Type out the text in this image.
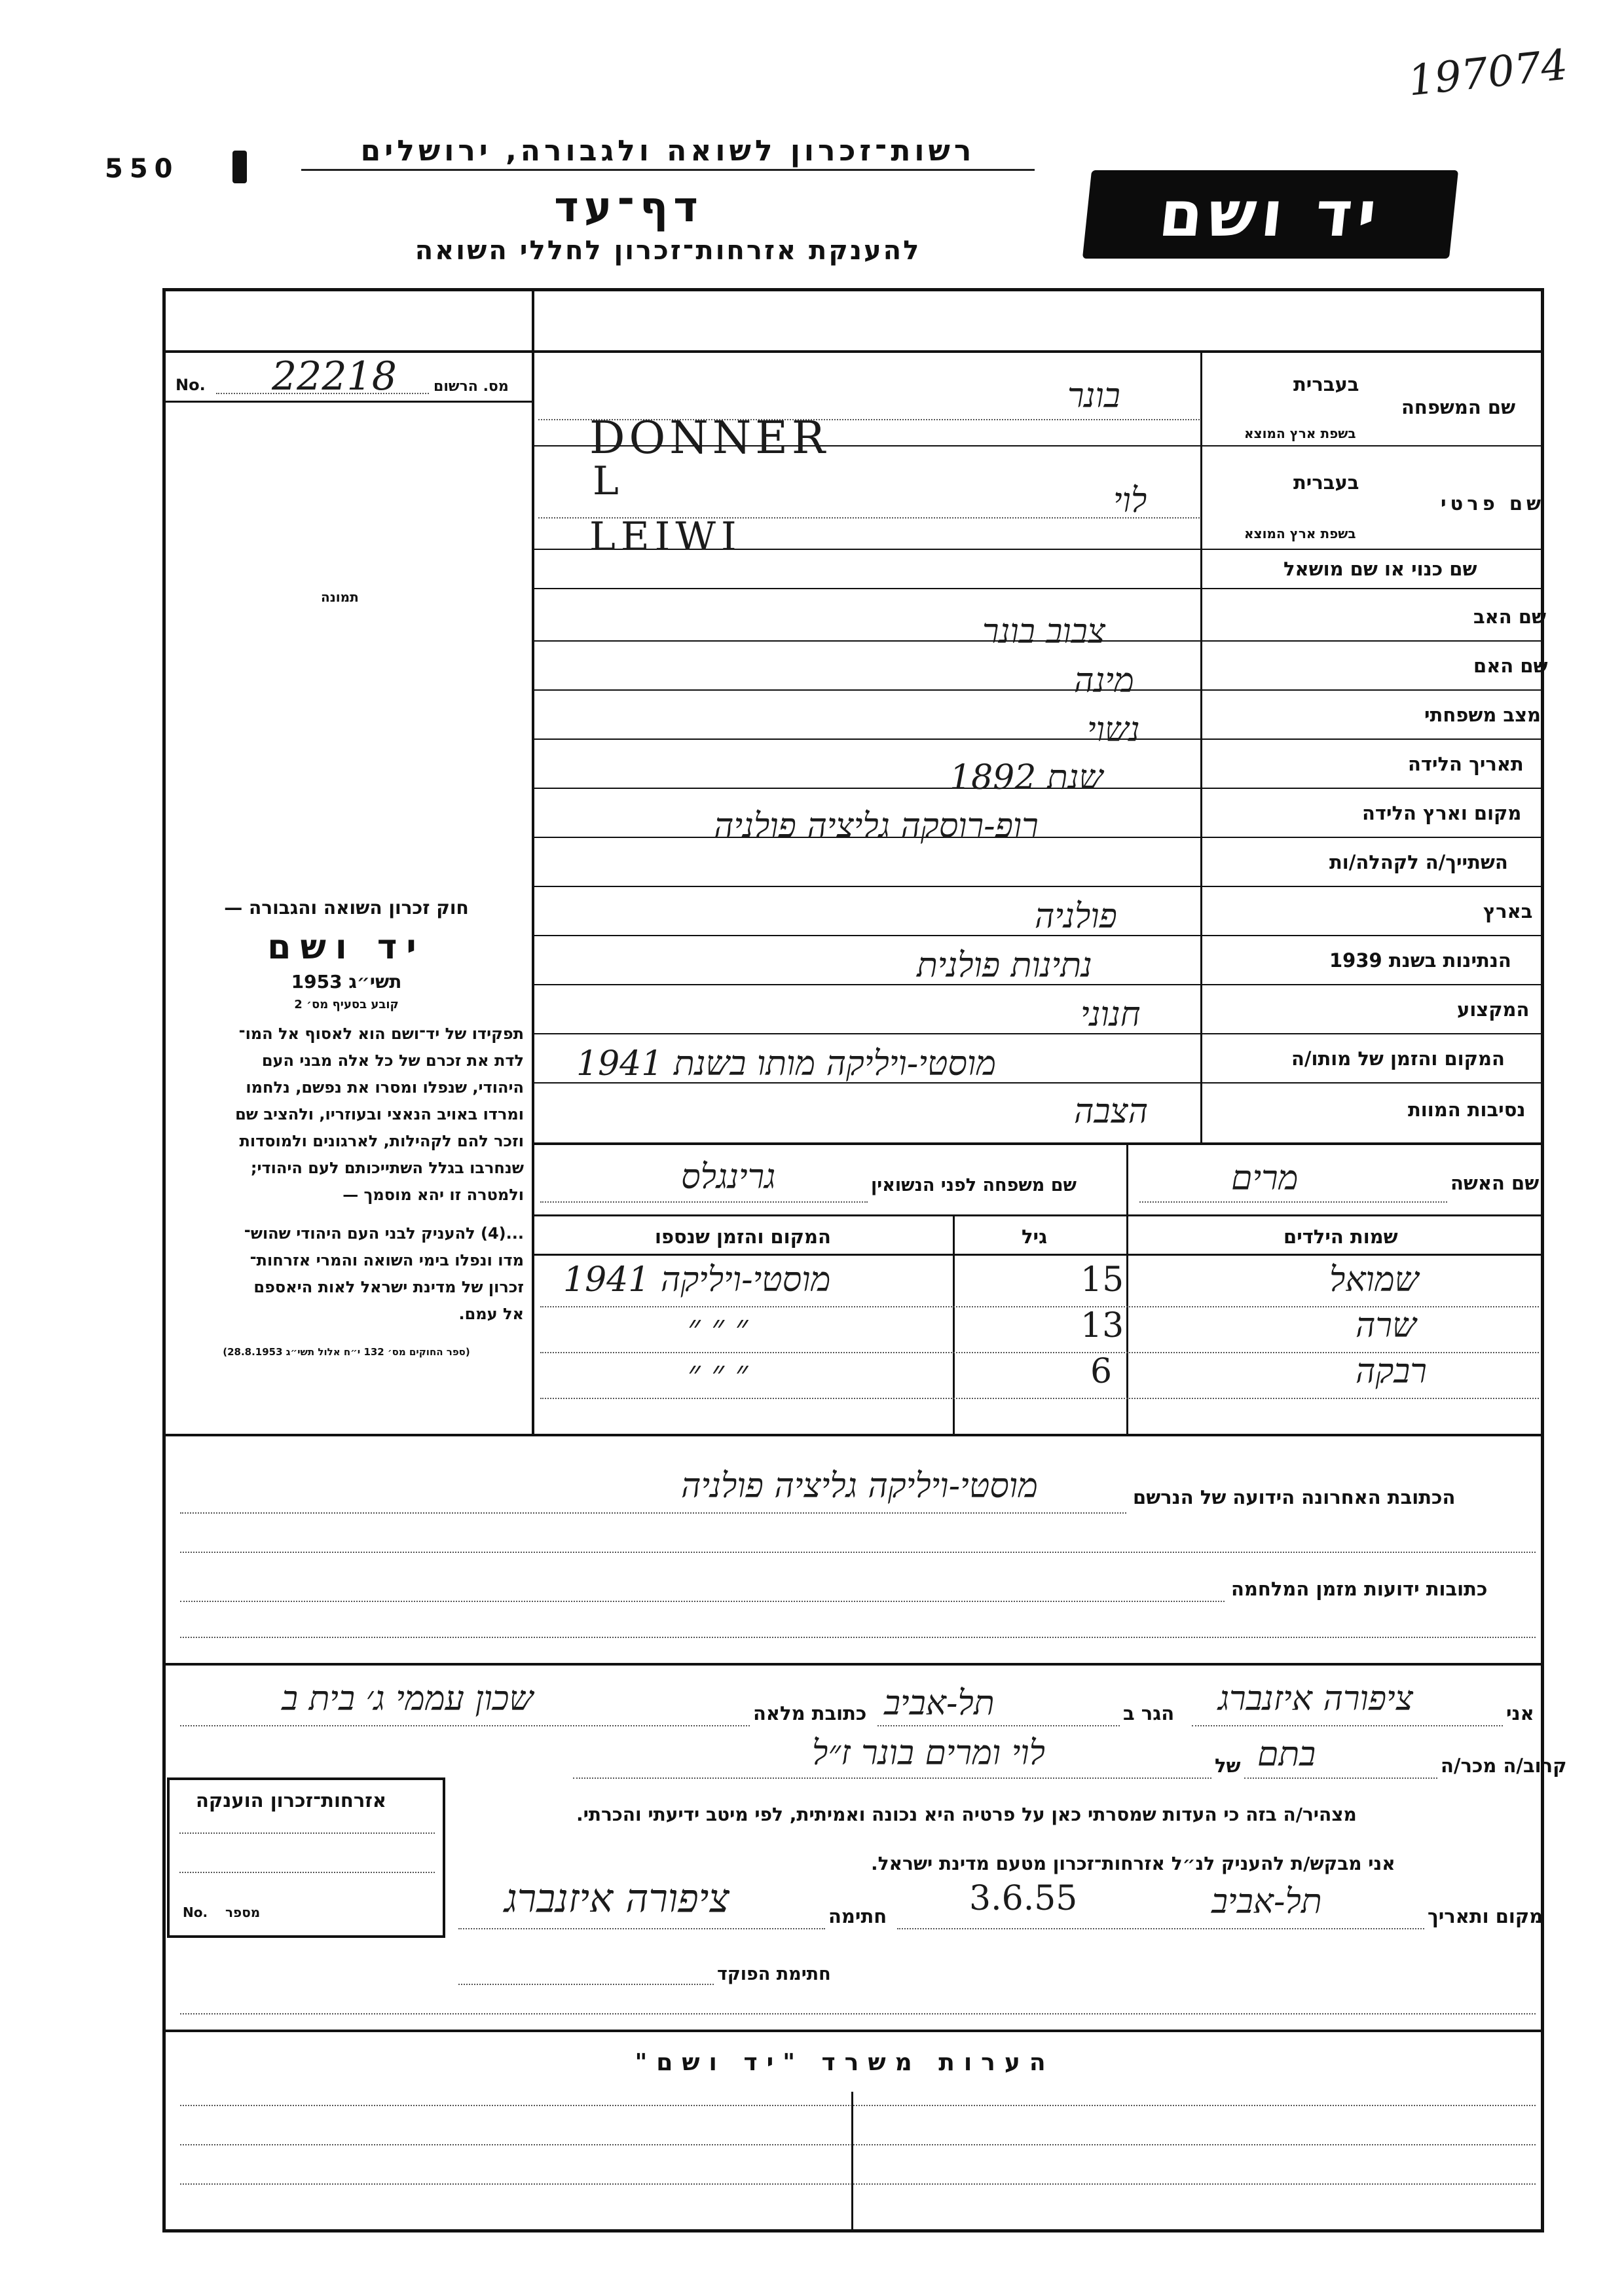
197074
550
רשות־זכרון לשואה ולגבורה, ירושלים
דף־עד
להענקת אזרחות־זכרון לחללי השואה	יד ושם
מס. הרשום
No. 22218
תמונה
חוק זכרון השואה והגבורה —
יד ושם
תשי״ג 1953
קובע בסעיף מס׳ 2

תפקידו של יד־ושם הוא לאסוף אל המו־

לדת את זכרם של כל אלה מבני העם

היהודי, שנפלו ומסרו את נפשם, נלחמו

ומרדו באויב הנאצי ובעוזריו, ולהציב שם

וזכר להם לקהילות, לארגונים ולמוסדות

שנחרבו בגלל השתייכותם לעם היהודי;

ולמטרה זו יהא מוסמך —

...(4) להעניק לבני העם היהודי שהוש־

מדו ונפלו בימי השואה והמרי אזרחות־

זכרון של מדינת ישראל לאות היאספם

אל עמם.

(ספר החוקים מס׳ 132 י״ח אלול תשי״ג 28.8.1953)
בעברית
בשפת ארץ המוצא
שם המשפחה
בעברית
בשפת ארץ המוצא
שם פרטי
שם כנוי או שם מושאל
שם האב
שם האם
מצב משפחתי
תאריך הלידה
מקום וארץ הלידה
השתייך/ה לקהלה/ות
בארץ
הנתינות בשנת 1939
המקצוע
המקום והזמן של מותו/ה
נסיבות המוות
בונר
DONNER
L	לוי
LEIWI
צבוב בונר
מינה
נשוי
שנת 1892
רופ-רוסקה גליציה פולניה
פולניה
נתינות פולנית
חנוני
מוסטי-ויליקה מותו בשנת 1941
הצבה
שם האשה
מרים
שם משפחה לפני הנשואין
גרינגלס
שמות הילדים
גיל
המקום והזמן שנספו
שמואל
15
מוסטי-ויליקה 1941
שרה
13
״ ״ ״
רבקה
6
״ ״ ״
הכתובת האחרונה הידועה של הנרשם
מוסטי-ויליקה גליציה פולניה
כתובות ידועות מזמן המלחמה
אני
ציפורה איזנברג
הגר ב
תל-אביב
כתובת מלאה
שכון עממי ג׳ בית ב
קרוב/ה מכר/ה
בתם
של
לוי ומרים בונר ז״ל
מצהיר/ה בזה כי העדות שמסרתי כאן על פרטיה היא נכונה ואמיתית, לפי מיטב ידיעתי והכרתי.
אני מבקש/ת להעניק לנ״ל אזרחות־זכרון מטעם מדינת ישראל.
מקום ותאריך
תל-אביב
3.6.55
חתימה
ציפורה איזנברג
חתימת הפוקד
אזרחות־זכרון הוענקה
מספר
No.
הערות משרד "יד ושם"
